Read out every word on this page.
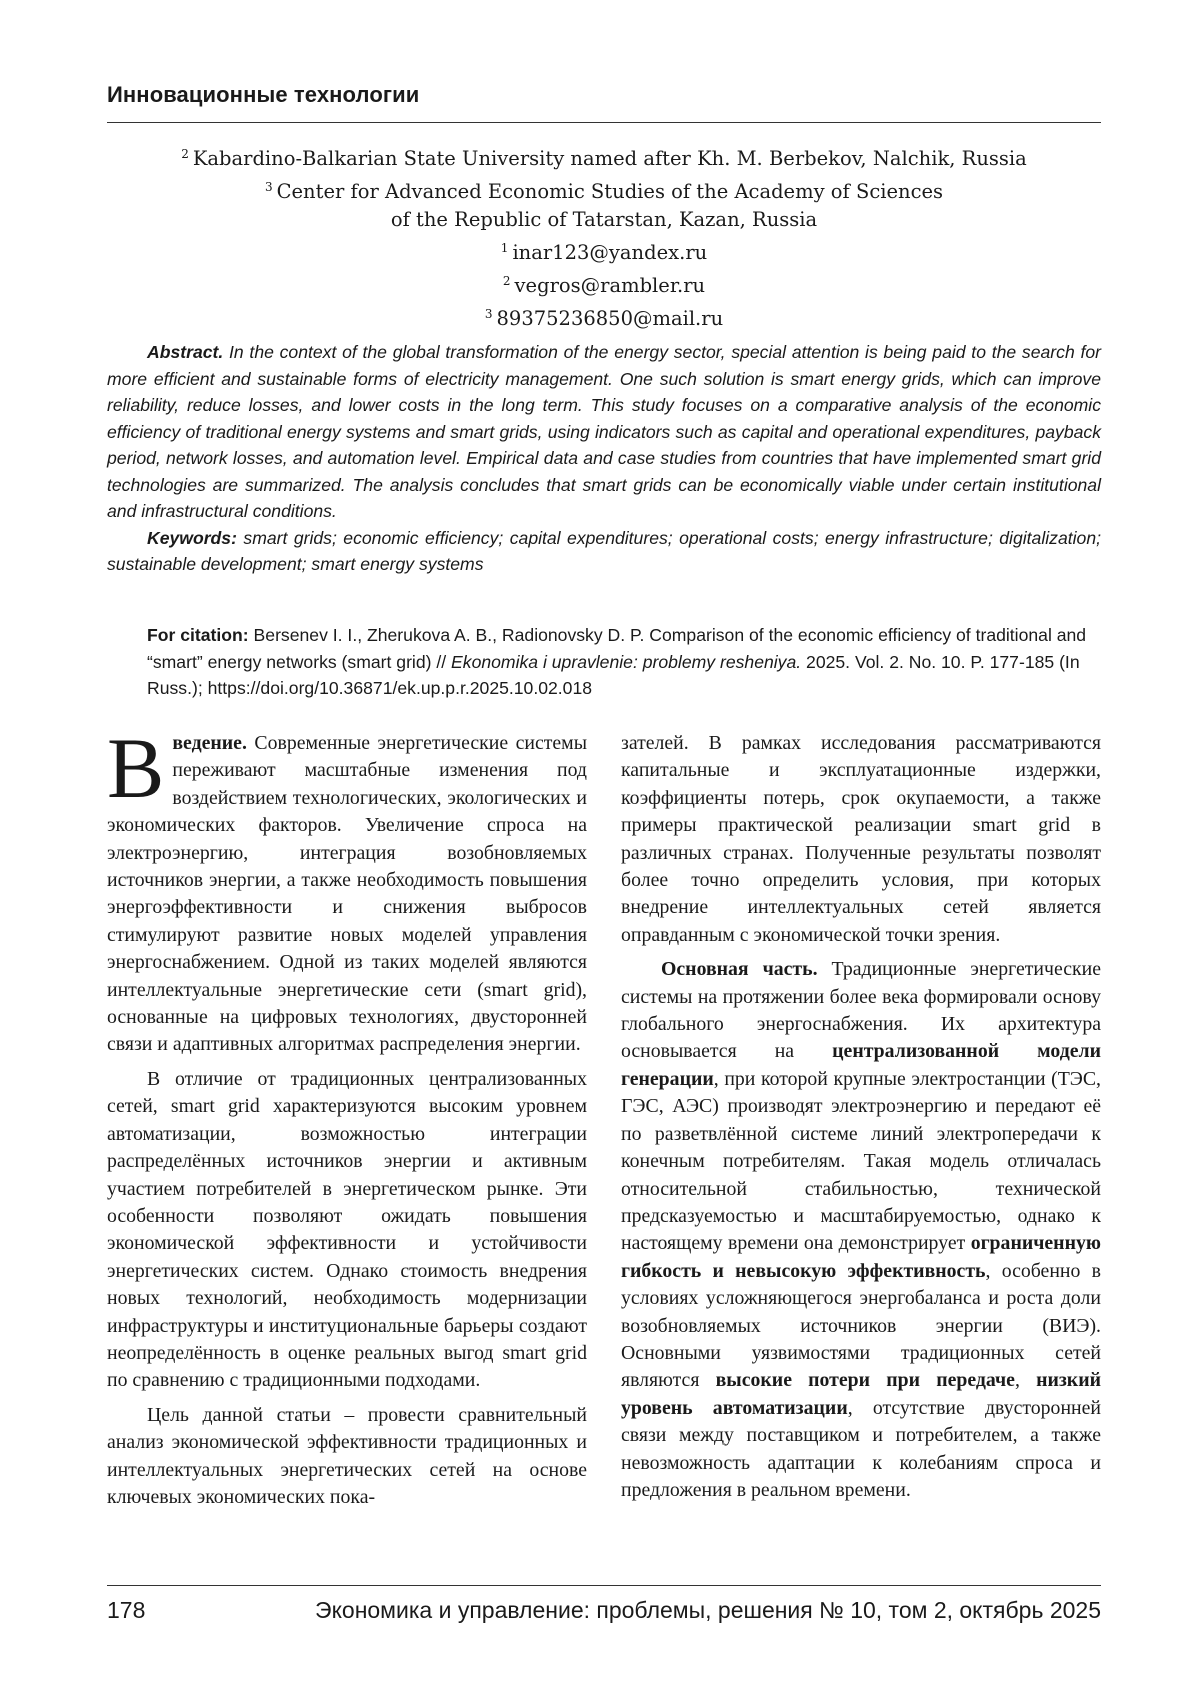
Инновационные технологии
$^2$ Kabardino-Balkarian State University named after Kh. M. Berbekov, Nalchik, Russia
$^3$ Center for Advanced Economic Studies of the Academy of Sciences
of the Republic of Tatarstan, Kazan, Russia
$^1$ inar123@yandex.ru
$^2$ vegros@rambler.ru
$^3$ 89375236850@mail.ru

Abstract. In the context of the global transformation of the energy sector, special attention is being paid to the search for more efficient and sustainable forms of electricity management. One such solution is smart energy grids, which can improve reliability, reduce losses, and lower costs in the long term. This study focuses on a comparative analysis of the economic efficiency of traditional energy systems and smart grids, using indicators such as capital and operational expenditures, payback period, network losses, and automation level. Empirical data and case studies from countries that have implemented smart grid technologies are summarized. The analysis concludes that smart grids can be economically viable under certain institutional and infrastructural conditions.

Keywords: smart grids; economic efficiency; capital expenditures; operational costs; energy infrastructure; digitalization; sustainable development; smart energy systems

For citation: Bersenev I. I., Zherukova A. B., Radionovsky D. P. Comparison of the economic efficiency of traditional and “smart” energy networks (smart grid) // Ekonomika i upravlenie: problemy resheniya. 2025. Vol. 2. No. 10. P. 177-185 (In Russ.); https://doi.org/10.36871/ek.up.p.r.2025.10.02.018

Введение. Современные энергетические системы переживают масштабные изменения под воздействием технологических, экологических и экономических факторов. Увеличение спроса на электроэнергию, интеграция возобновляемых источников энергии, а также необходимость повышения энергоэффективности и снижения выбросов стимулируют развитие новых моделей управления энергоснабжением. Одной из таких моделей являются интеллектуальные энергетические сети (smart grid), основанные на цифровых технологиях, двусторонней связи и адаптивных алгоритмах распределения энергии.

В отличие от традиционных централизованных сетей, smart grid характеризуются высоким уровнем автоматизации, возможностью интеграции распределённых источников энергии и активным участием потребителей в энергетическом рынке. Эти особенности позволяют ожидать повышения экономической эффективности и устойчивости энергетических систем. Однако стоимость внедрения новых технологий, необходимость модернизации инфраструктуры и институциональные барьеры создают неопределённость в оценке реальных выгод smart grid по сравнению с традиционными подходами.

Цель данной статьи – провести сравнительный анализ экономической эффективности традиционных и интеллектуальных энергетических сетей на основе ключевых экономических пока-

зателей. В рамках исследования рассматриваются капитальные и эксплуатационные издержки, коэффициенты потерь, срок окупаемости, а также примеры практической реализации smart grid в различных странах. Полученные результаты позволят более точно определить условия, при которых внедрение интеллектуальных сетей является оправданным с экономической точки зрения.

Основная часть. Традиционные энергетические системы на протяжении более века формировали основу глобального энергоснабжения. Их архитектура основывается на централизованной модели генерации, при которой крупные электростанции (ТЭС, ГЭС, АЭС) производят электроэнергию и передают её по разветвлённой системе линий электропередачи к конечным потребителям. Такая модель отличалась относительной стабильностью, технической предсказуемостью и масштабируемостью, однако к настоящему времени она демонстрирует ограниченную гибкость и невысокую эффективность, особенно в условиях усложняющегося энергобаланса и роста доли возобновляемых источников энергии (ВИЭ). Основными уязвимостями традиционных сетей являются высокие потери при передаче, низкий уровень автоматизации, отсутствие двусторонней связи между поставщиком и потребителем, а также невозможность адаптации к колебаниям спроса и предложения в реальном времени.

178	Экономика и управление: проблемы, решения № 10, том 2, октябрь 2025
